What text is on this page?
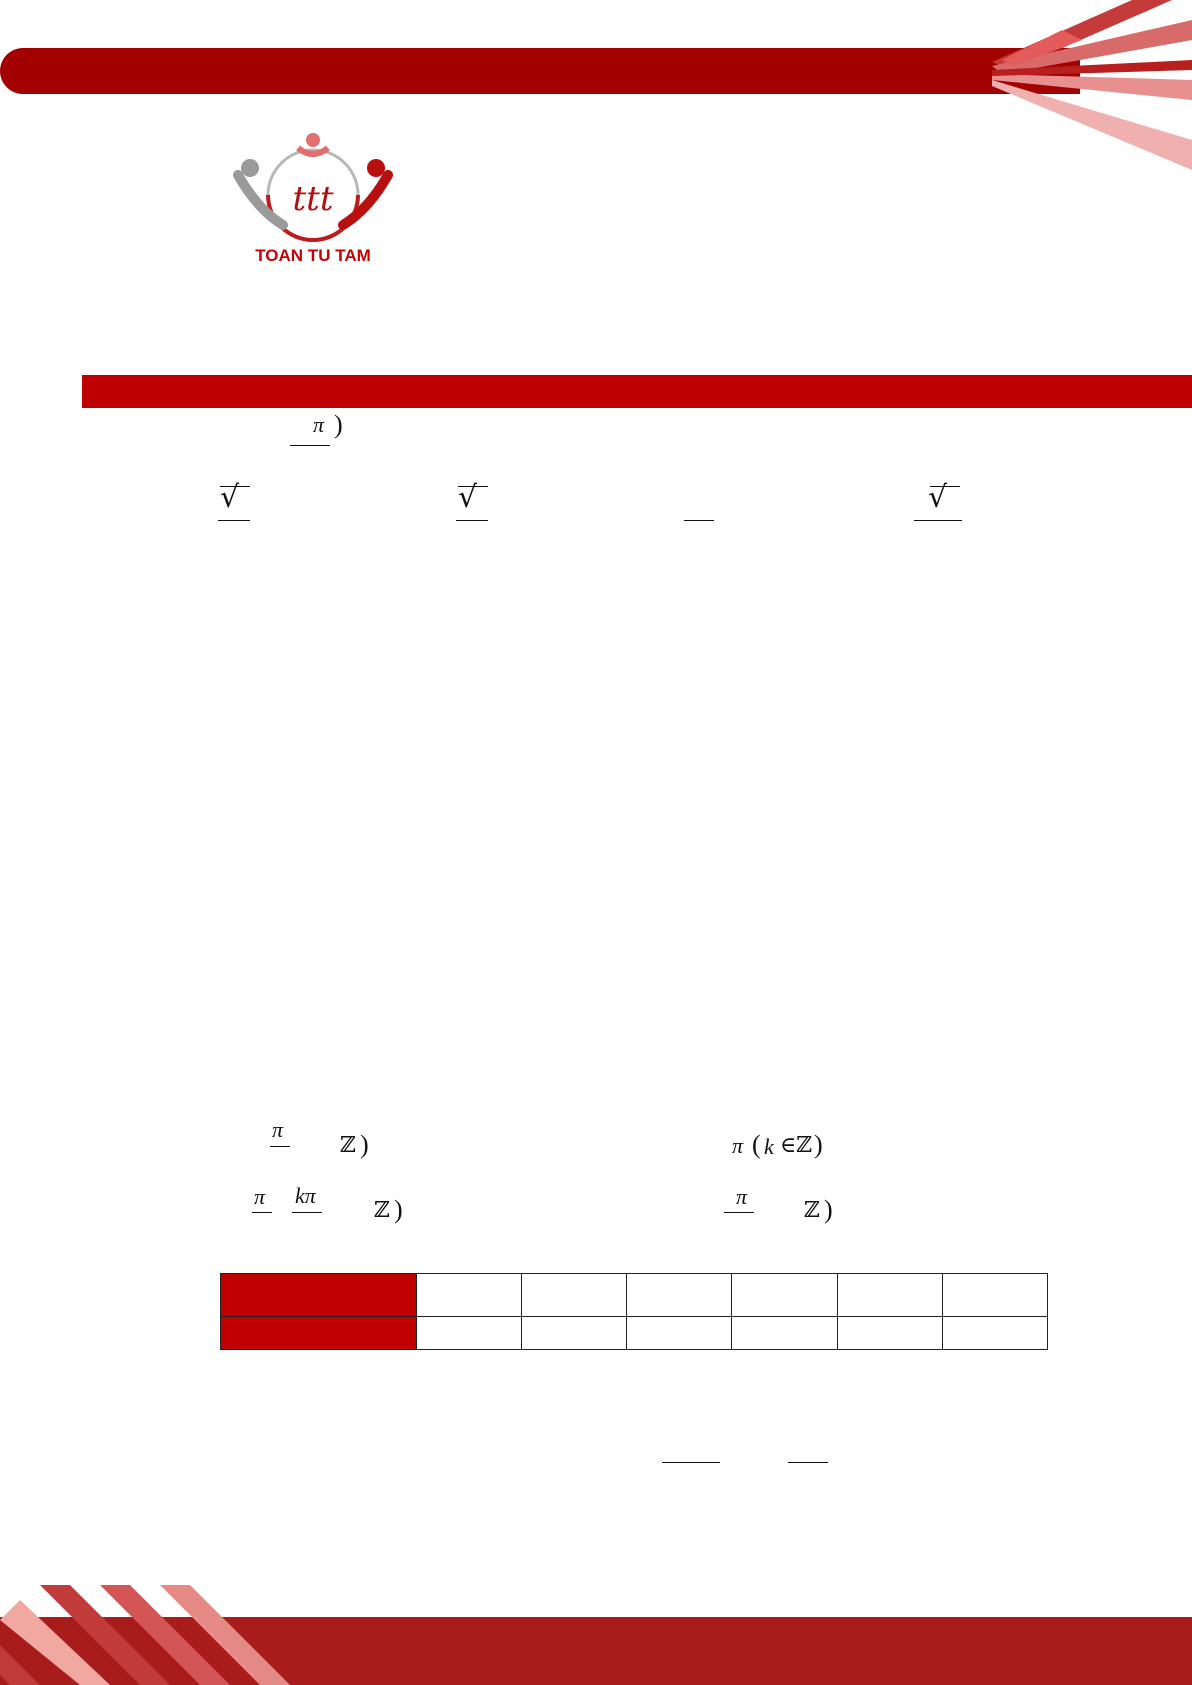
ttt
TOAN TU TAM
π )
√	√	√
π
ℤ )	π ( k ∈ℤ )
π kπ
ℤ )	π
ℤ )
